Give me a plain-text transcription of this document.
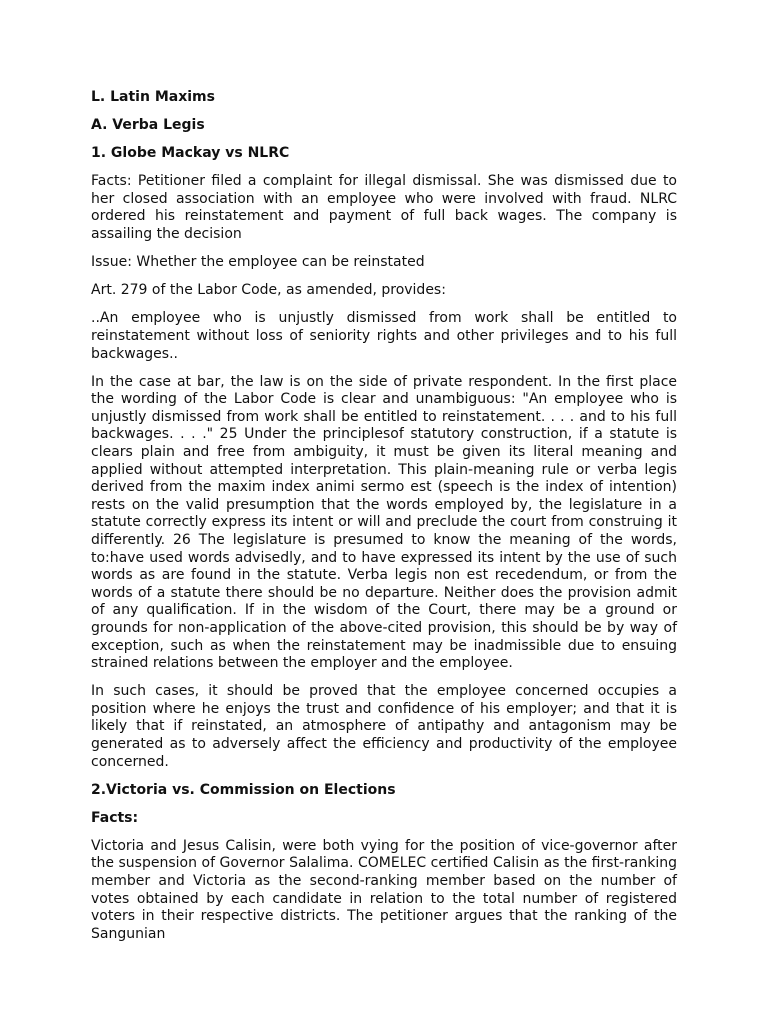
L. Latin Maxims

A. Verba Legis

1. Globe Mackay vs NLRC

Facts: Petitioner filed a complaint for illegal dismissal. She was dismissed due to her closed association with an employee who were involved with fraud. NLRC ordered his reinstatement and payment of full back wages. The company is assailing the decision

Issue: Whether the employee can be reinstated

Art. 279 of the Labor Code, as amended, provides:

..An employee who is unjustly dismissed from work shall be entitled to reinstatement without loss of seniority rights and other privileges and to his full backwages..

In the case at bar, the law is on the side of private respondent. In the first place the wording of the Labor Code is clear and unambiguous: "An employee who is unjustly dismissed from work shall be entitled to reinstatement. . . . and to his full backwages. . . ." 25 Under the principlesof statutory construction, if a statute is clears plain and free from ambiguity, it must be given its literal meaning and applied without attempted interpretation. This plain-meaning rule or verba legis derived from the maxim index animi sermo est (speech is the index of intention) rests on the valid presumption that the words employed by, the legislature in a statute correctly express its intent or will and preclude the court from construing it differently. 26 The legislature is presumed to know the meaning of the words, to:have used words advisedly, and to have expressed its intent by the use of such words as are found in the statute. Verba legis non est recedendum, or from the words of a statute there should be no departure. Neither does the provision admit of any qualification. If in the wisdom of the Court, there may be a ground or grounds for non-application of the above-cited provision, this should be by way of exception, such as when the reinstatement may be inadmissible due to ensuing strained relations between the employer and the employee.

In such cases, it should be proved that the employee concerned occupies a position where he enjoys the trust and confidence of his employer; and that it is likely that if reinstated, an atmosphere of antipathy and antagonism may be generated as to adversely affect the efficiency and productivity of the employee concerned.

2.Victoria vs. Commission on Elections

Facts:

Victoria and Jesus Calisin, were both vying for the position of vice-governor after the suspension of Governor Salalima. COMELEC certified Calisin as the first-ranking member and Victoria as the second-ranking member based on the number of votes obtained by each candidate in relation to the total number of registered voters in their respective districts. The petitioner argues that the ranking of the Sangunian
